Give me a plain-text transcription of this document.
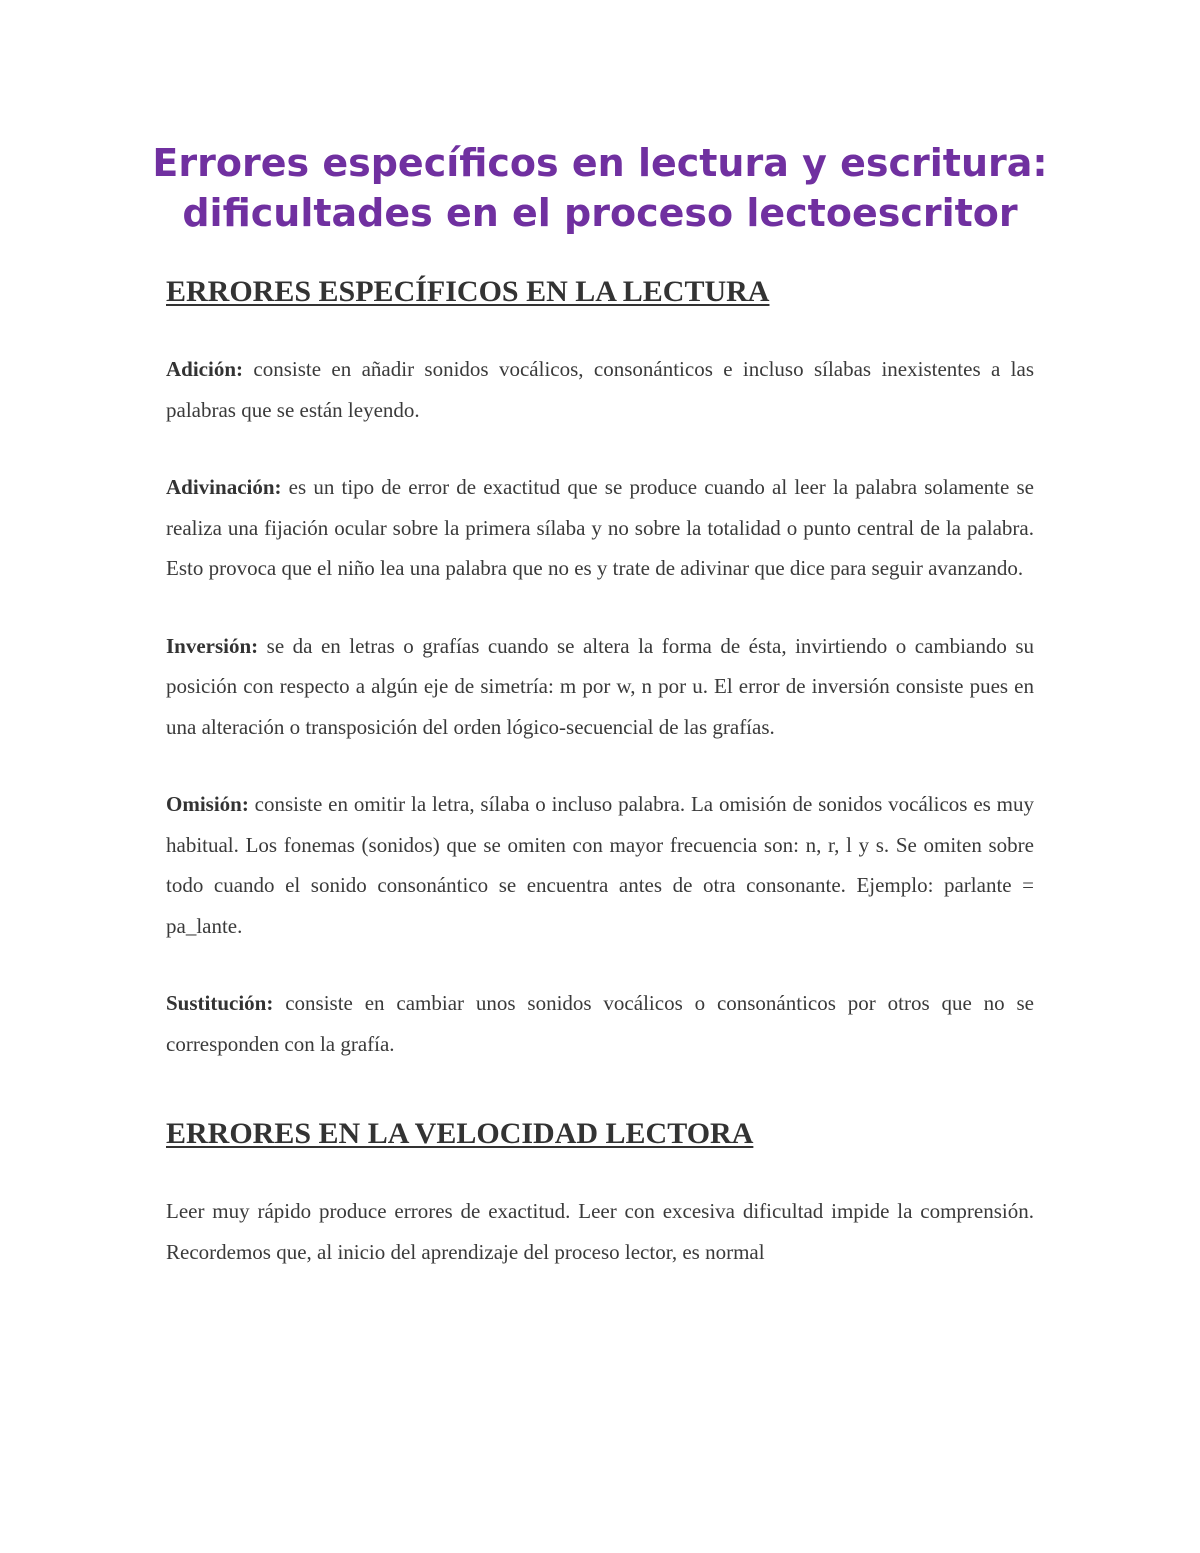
Errores específicos en lectura y escritura: dificultades en el proceso lectoescritor
ERRORES ESPECÍFICOS EN LA LECTURA

Adición: consiste en añadir sonidos vocálicos, consonánticos e incluso sílabas inexistentes a las palabras que se están leyendo.

Adivinación: es un tipo de error de exactitud que se produce cuando al leer la palabra solamente se realiza una fijación ocular sobre la primera sílaba y no sobre la totalidad o punto central de la palabra. Esto provoca que el niño lea una palabra que no es y trate de adivinar que dice para seguir avanzando.

Inversión: se da en letras o grafías cuando se altera la forma de ésta, invirtiendo o cambiando su posición con respecto a algún eje de simetría: m por w, n por u. El error de inversión consiste pues en una alteración o transposición del orden lógico-secuencial de las grafías.

Omisión: consiste en omitir la letra, sílaba o incluso palabra. La omisión de sonidos vocálicos es muy habitual. Los fonemas (sonidos) que se omiten con mayor frecuencia son: n, r, l y s. Se omiten sobre todo cuando el sonido consonántico se encuentra antes de otra consonante. Ejemplo: parlante = pa_lante.

Sustitución: consiste en cambiar unos sonidos vocálicos o consonánticos por otros que no se corresponden con la grafía.

ERRORES EN LA VELOCIDAD LECTORA

Leer muy rápido produce errores de exactitud. Leer con excesiva dificultad impide la comprensión. Recordemos que, al inicio del aprendizaje del proceso lector, es normal
